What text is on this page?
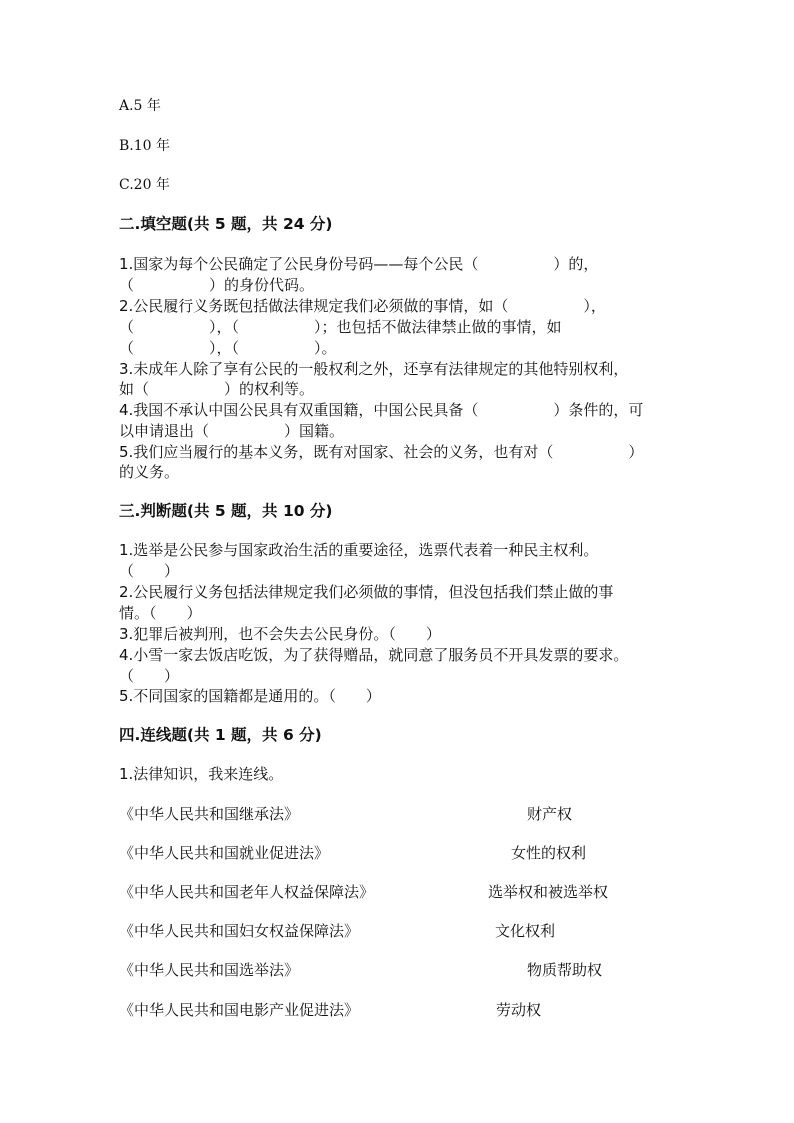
A.5 年
B.10 年
C.20 年
二.填空题(共 5 题，共 24 分)
1.国家为每个公民确定了公民身份号码——每个公民（　　　　　）的，
（　　　　　）的身份代码。
2.公民履行义务既包括做法律规定我们必须做的事情，如（　　　　　），
（　　　　　），（　　　　　）；也包括不做法律禁止做的事情，如
（　　　　　），（　　　　　）。
3.未成年人除了享有公民的一般权利之外，还享有法律规定的其他特别权利，
如（　　　　　）的权利等。
4.我国不承认中国公民具有双重国籍，中国公民具备（　　　　　）条件的，可
以申请退出（　　　　　）国籍。
5.我们应当履行的基本义务，既有对国家、社会的义务，也有对（　　　　　）
的义务。
三.判断题(共 5 题，共 10 分)
1.选举是公民参与国家政治生活的重要途径，选票代表着一种民主权利。
（　　）
2.公民履行义务包括法律规定我们必须做的事情，但没包括我们禁止做的事
情。（　　）
3.犯罪后被判刑，也不会失去公民身份。（　　）
4.小雪一家去饭店吃饭，为了获得赠品，就同意了服务员不开具发票的要求。
（　　）
5.不同国家的国籍都是通用的。（　　）
四.连线题(共 1 题，共 6 分)
1.法律知识，我来连线。
《中华人民共和国继承法》	财产权
《中华人民共和国就业促进法》	女性的权利
《中华人民共和国老年人权益保障法》	选举权和被选举权
《中华人民共和国妇女权益保障法》	文化权利
《中华人民共和国选举法》	物质帮助权
《中华人民共和国电影产业促进法》	劳动权
